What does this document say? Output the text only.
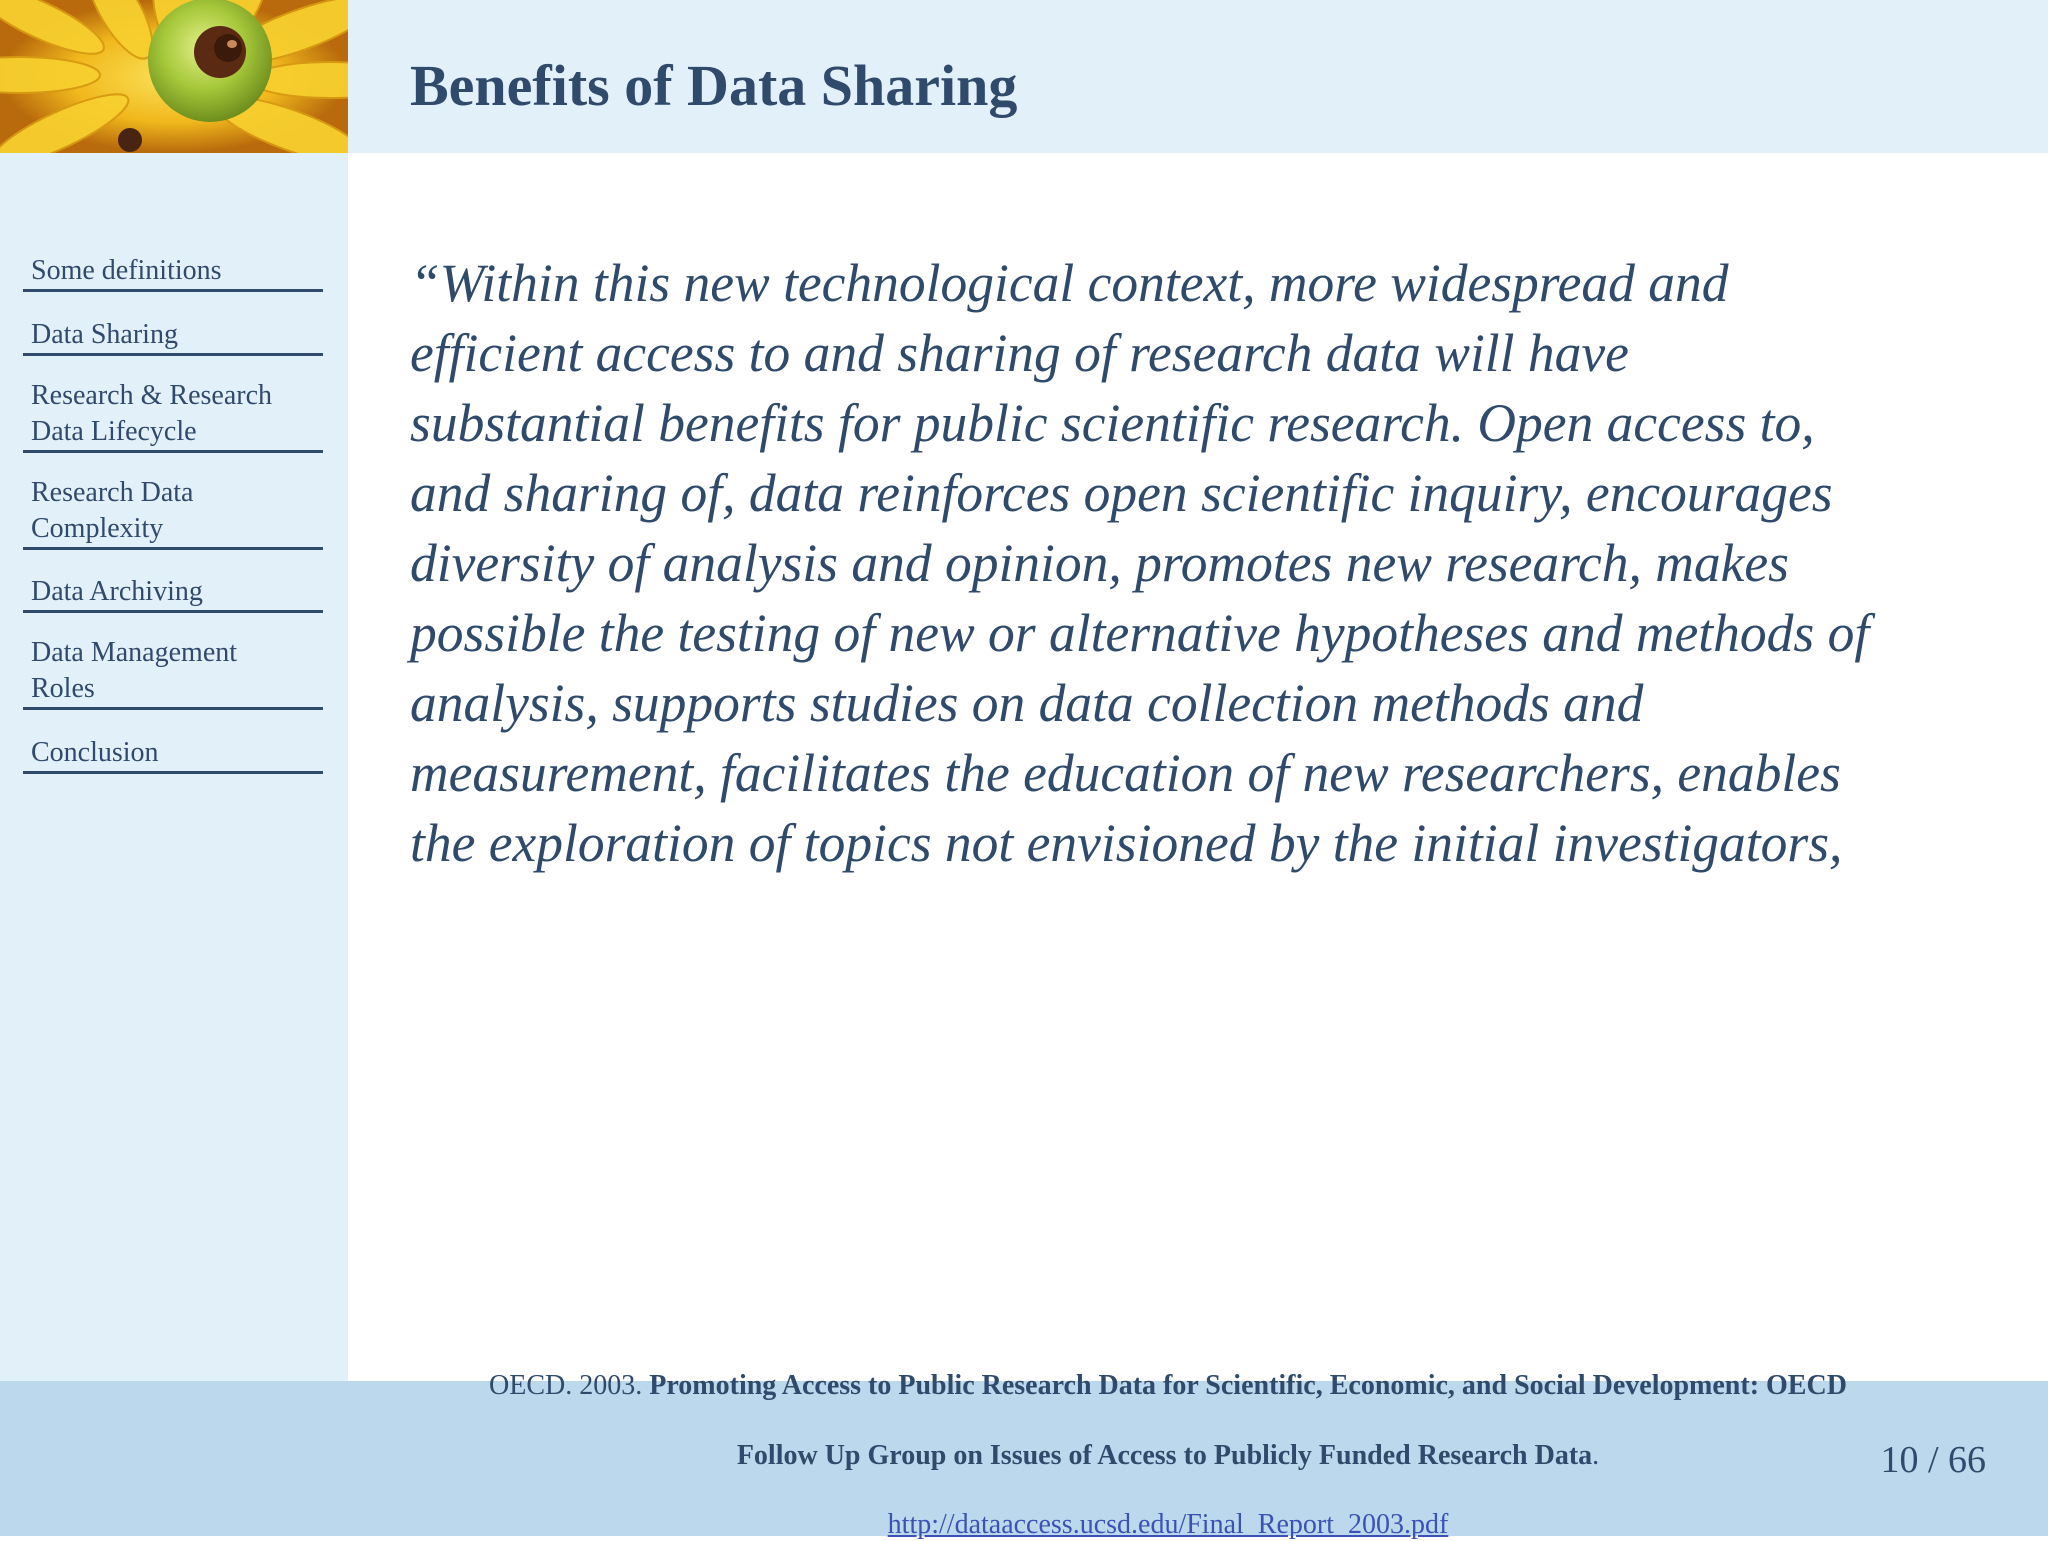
Benefits of Data Sharing
Some definitions
Data Sharing
Research & Research
Data Lifecycle
Research Data
Complexity
Data Archiving
Data Management
Roles
Conclusion
“Within this new technological context, more widespread and
efficient access to and sharing of research data will have
substantial benefits for public scientific research. Open access to,
and sharing of, data reinforces open scientific inquiry, encourages
diversity of analysis and opinion, promotes new research, makes
possible the testing of new or alternative hypotheses and methods of
analysis, supports studies on data collection methods and
measurement, facilitates the education of new researchers, enables
the exploration of topics not envisioned by the initial investigators,
OECD. 2003. Promoting Access to Public Research Data for Scientific, Economic, and Social Development: OECD
Follow Up Group on Issues of Access to Publicly Funded Research Data.
http://dataaccess.ucsd.edu/Final_Report_2003.pdf
10 / 66
